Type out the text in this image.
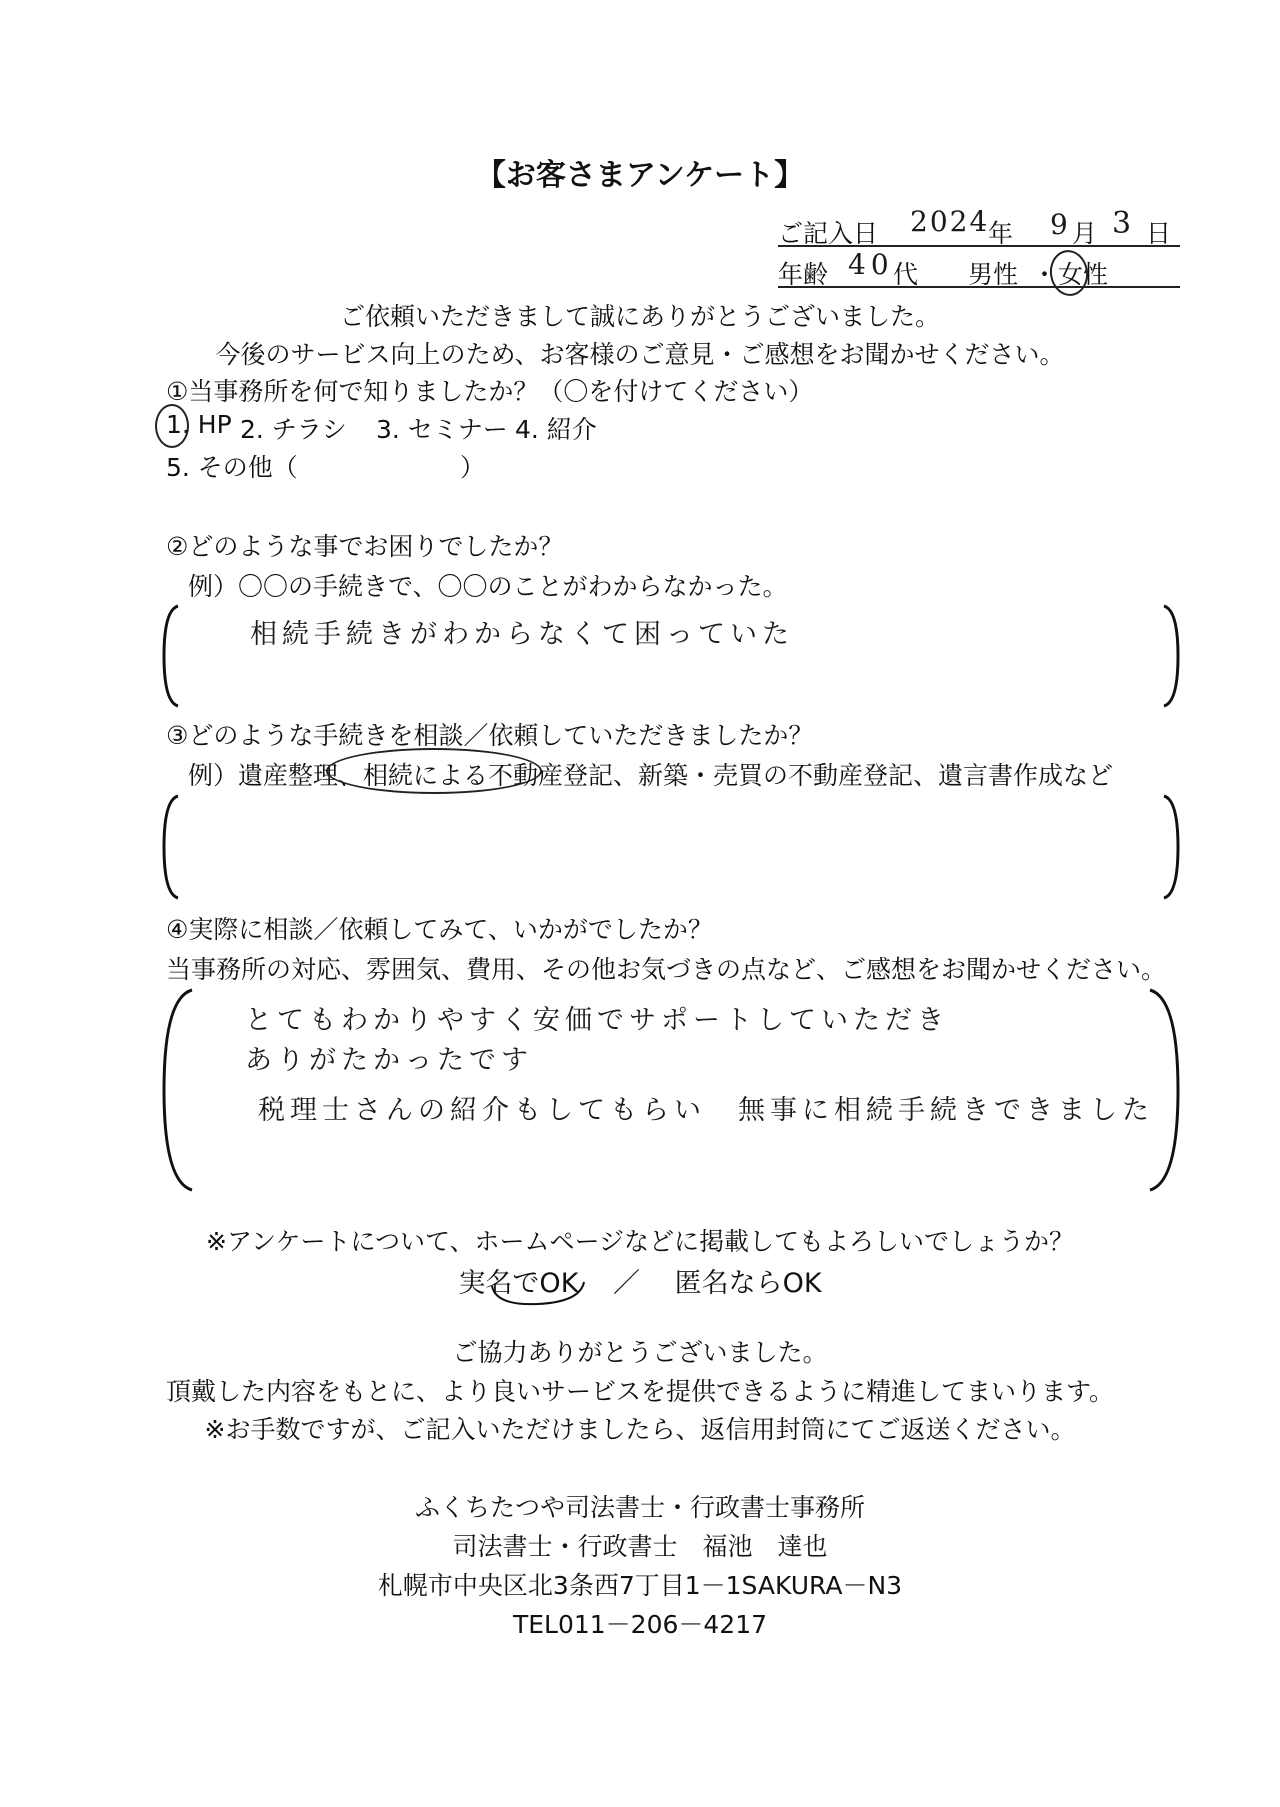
【お客さまアンケート】
ご記入日 2024
年 9 月 3 日
年齢 40 代 男性 ・ 女性
ご依頼いただきまして誠にありがとうございました。
今後のサービス向上のため、お客様のご意見・ご感想をお聞かせください。
①当事務所を何で知りましたか？（〇を付けてください）
1. HP 2. チラシ 3. セミナー 4. 紹介
5. その他（	）
②どのような事でお困りでしたか？
例）〇〇の手続きで、〇〇のことがわからなかった。
相続手続きがわからなくて困っていた
③どのような手続きを相談／依頼していただきましたか？
例）遺産整理、相続による不動産登記、新築・売買の不動産登記、遺言書作成など
④実際に相談／依頼してみて、いかがでしたか？
当事務所の対応、雰囲気、費用、その他お気づきの点など、ご感想をお聞かせください。
とてもわかりやすく安価でサポートしていただき
ありがたかったです
税理士さんの紹介もしてもらい　無事に相続手続きできました
※アンケートについて、ホームページなどに掲載してもよろしいでしょうか？
実名でOK ／ 匿名ならOK
ご協力ありがとうございました。
頂戴した内容をもとに、より良いサービスを提供できるように精進してまいります。
※お手数ですが、ご記入いただけましたら、返信用封筒にてご返送ください。
ふくちたつや司法書士・行政書士事務所
司法書士・行政書士　福池　達也
札幌市中央区北3条西7丁目1－1SAKURA－N3
TEL011－206－4217
